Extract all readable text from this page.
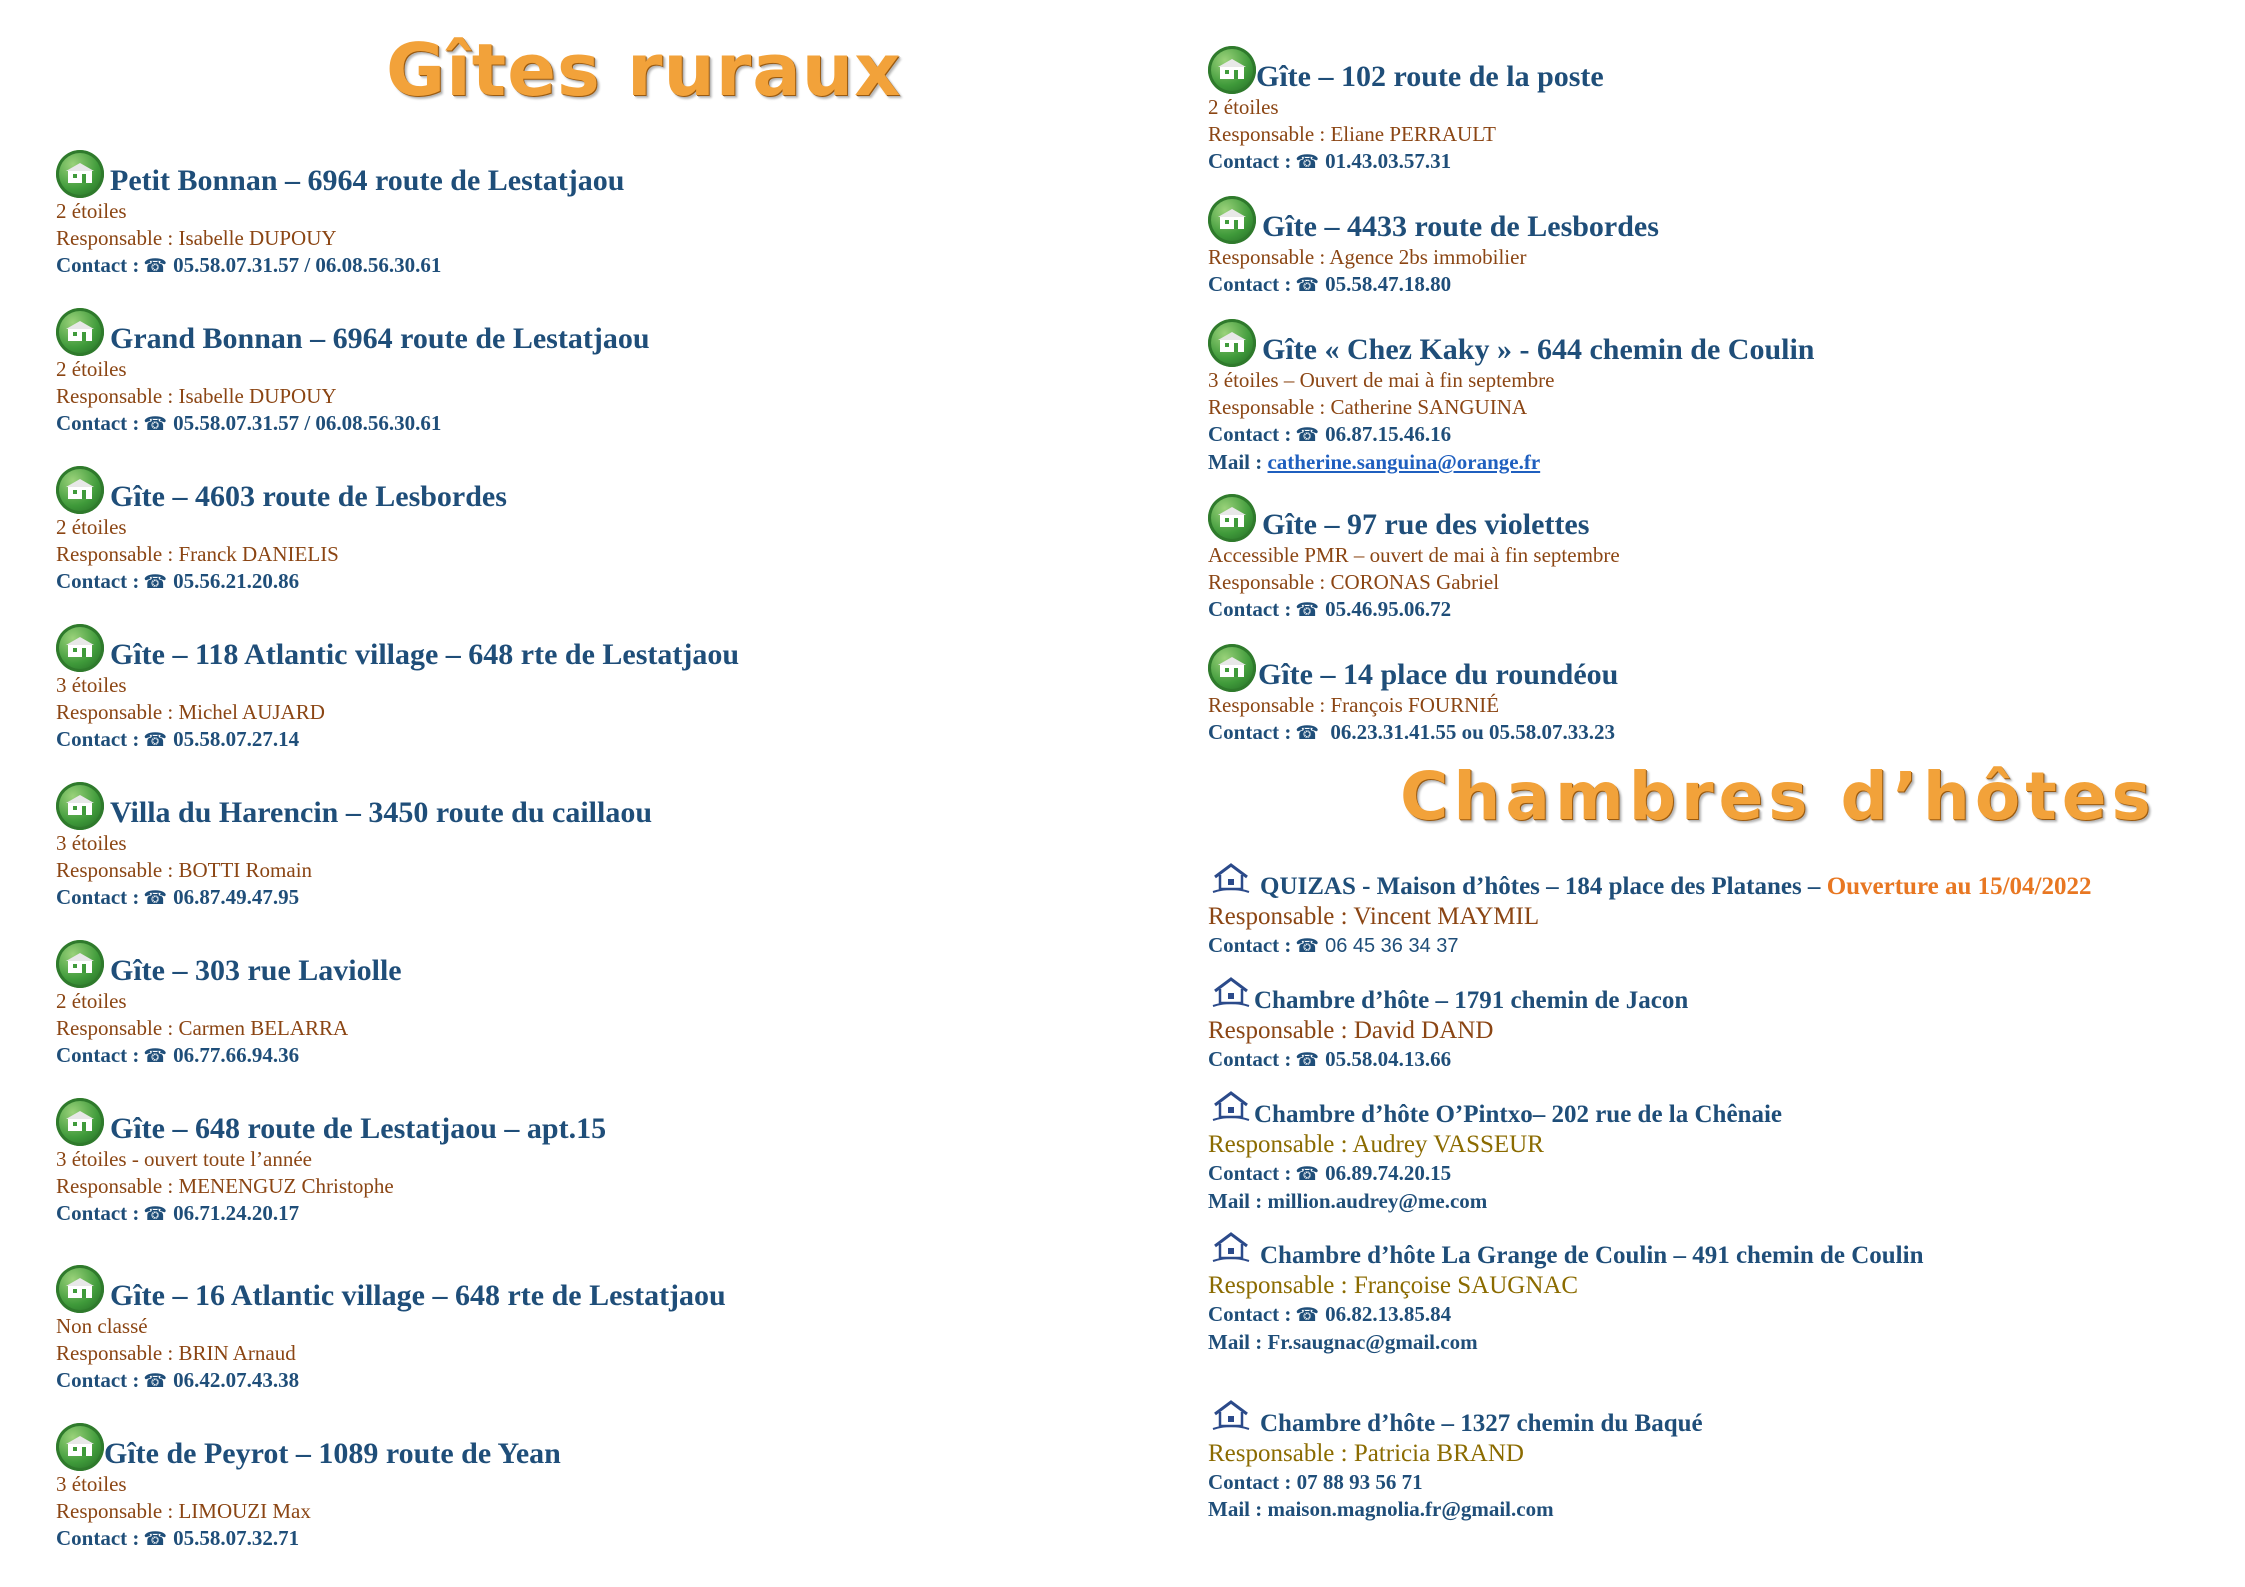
Gîtes ruraux
Petit Bonnan – 6964 route de Lestatjaou
2 étoiles
Responsable : Isabelle DUPOUY
Contact : ☎ 05.58.07.31.57 / 06.08.56.30.61
Grand Bonnan – 6964 route de Lestatjaou
2 étoiles
Responsable : Isabelle DUPOUY
Contact : ☎ 05.58.07.31.57 / 06.08.56.30.61
Gîte – 4603 route de Lesbordes
2 étoiles
Responsable : Franck DANIELIS
Contact : ☎ 05.56.21.20.86
Gîte – 118 Atlantic village – 648 rte de Lestatjaou
3 étoiles
Responsable : Michel AUJARD
Contact : ☎ 05.58.07.27.14
Villa du Harencin – 3450 route du caillaou
3 étoiles
Responsable : BOTTI Romain
Contact : ☎ 06.87.49.47.95
Gîte – 303 rue Laviolle
2 étoiles
Responsable : Carmen BELARRA
Contact : ☎ 06.77.66.94.36
Gîte – 648 route de Lestatjaou – apt.15
3 étoiles - ouvert toute l’année
Responsable : MENENGUZ Christophe
Contact : ☎ 06.71.24.20.17
Gîte – 16 Atlantic village – 648 rte de Lestatjaou
Non classé
Responsable : BRIN Arnaud
Contact : ☎ 06.42.07.43.38
Gîte de Peyrot – 1089 route de Yean
3 étoiles
Responsable : LIMOUZI Max
Contact : ☎ 05.58.07.32.71
Gîte – 102 route de la poste
2 étoiles
Responsable : Eliane PERRAULT
Contact : ☎ 01.43.03.57.31
Gîte – 4433 route de Lesbordes
Responsable : Agence 2bs immobilier
Contact : ☎ 05.58.47.18.80
Gîte « Chez Kaky » - 644 chemin de Coulin
3 étoiles – Ouvert de mai à fin septembre
Responsable : Catherine SANGUINA
Contact : ☎ 06.87.15.46.16
Mail : catherine.sanguina@orange.fr
Gîte – 97 rue des violettes
Accessible PMR – ouvert de mai à fin septembre
Responsable : CORONAS Gabriel
Contact : ☎ 05.46.95.06.72
Gîte – 14 place du roundéou
Responsable : François FOURNIÉ
Contact : ☎ 06.23.31.41.55 ou 05.58.07.33.23
Chambres d’hôtes
QUIZAS - Maison d’hôtes – 184 place des Platanes – Ouverture au 15/04/2022
Responsable : Vincent MAYMIL
Contact : ☎ 06 45 36 34 37
Chambre d’hôte – 1791 chemin de Jacon
Responsable : David DAND
Contact : ☎ 05.58.04.13.66
Chambre d’hôte O’Pintxo– 202 rue de la Chênaie
Responsable : Audrey VASSEUR
Contact : ☎ 06.89.74.20.15
Mail : million.audrey@me.com
Chambre d’hôte La Grange de Coulin – 491 chemin de Coulin
Responsable : Françoise SAUGNAC
Contact : ☎ 06.82.13.85.84
Mail : Fr.saugnac@gmail.com
Chambre d’hôte – 1327 chemin du Baqué
Responsable : Patricia BRAND
Contact : 07 88 93 56 71
Mail : maison.magnolia.fr@gmail.com
